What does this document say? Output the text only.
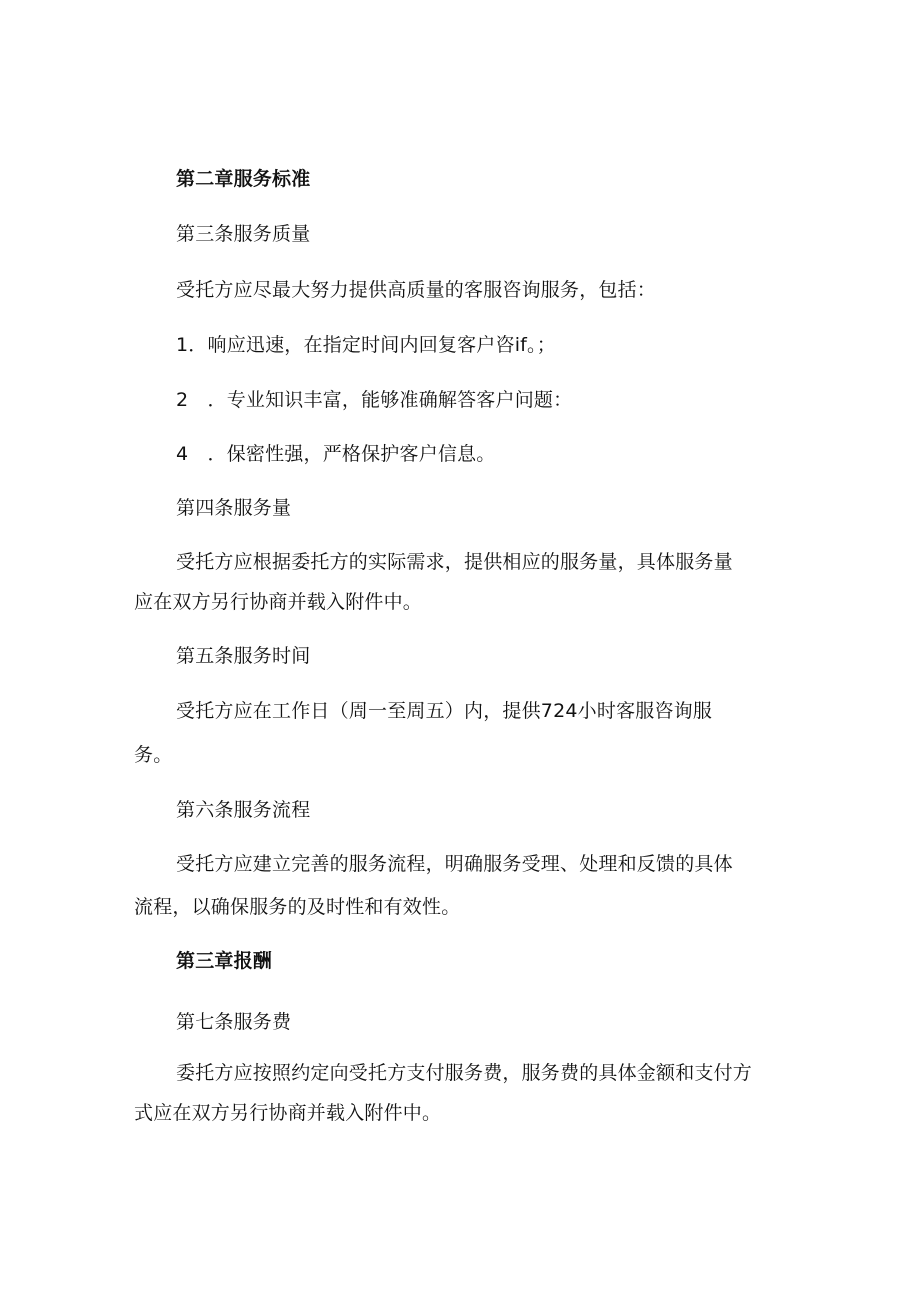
第二章服务标准
第三条服务质量
受托方应尽最大努力提供高质量的客服咨询服务，包括：
1．响应迅速，在指定时间内回复客户咨if。；
2　．专业知识丰富，能够准确解答客户问题：
4　．保密性强，严格保护客户信息。
第四条服务量
受托方应根据委托方的实际需求，提供相应的服务量，具体服务量
应在双方另行协商并载入附件中。
第五条服务时间
受托方应在工作日（周一至周五）内，提供724小时客服咨询服
务。
第六条服务流程
受托方应建立完善的服务流程，明确服务受理、处理和反馈的具体
流程，以确保服务的及时性和有效性。
第三章报酬
第七条服务费
委托方应按照约定向受托方支付服务费，服务费的具体金额和支付方
式应在双方另行协商并载入附件中。
